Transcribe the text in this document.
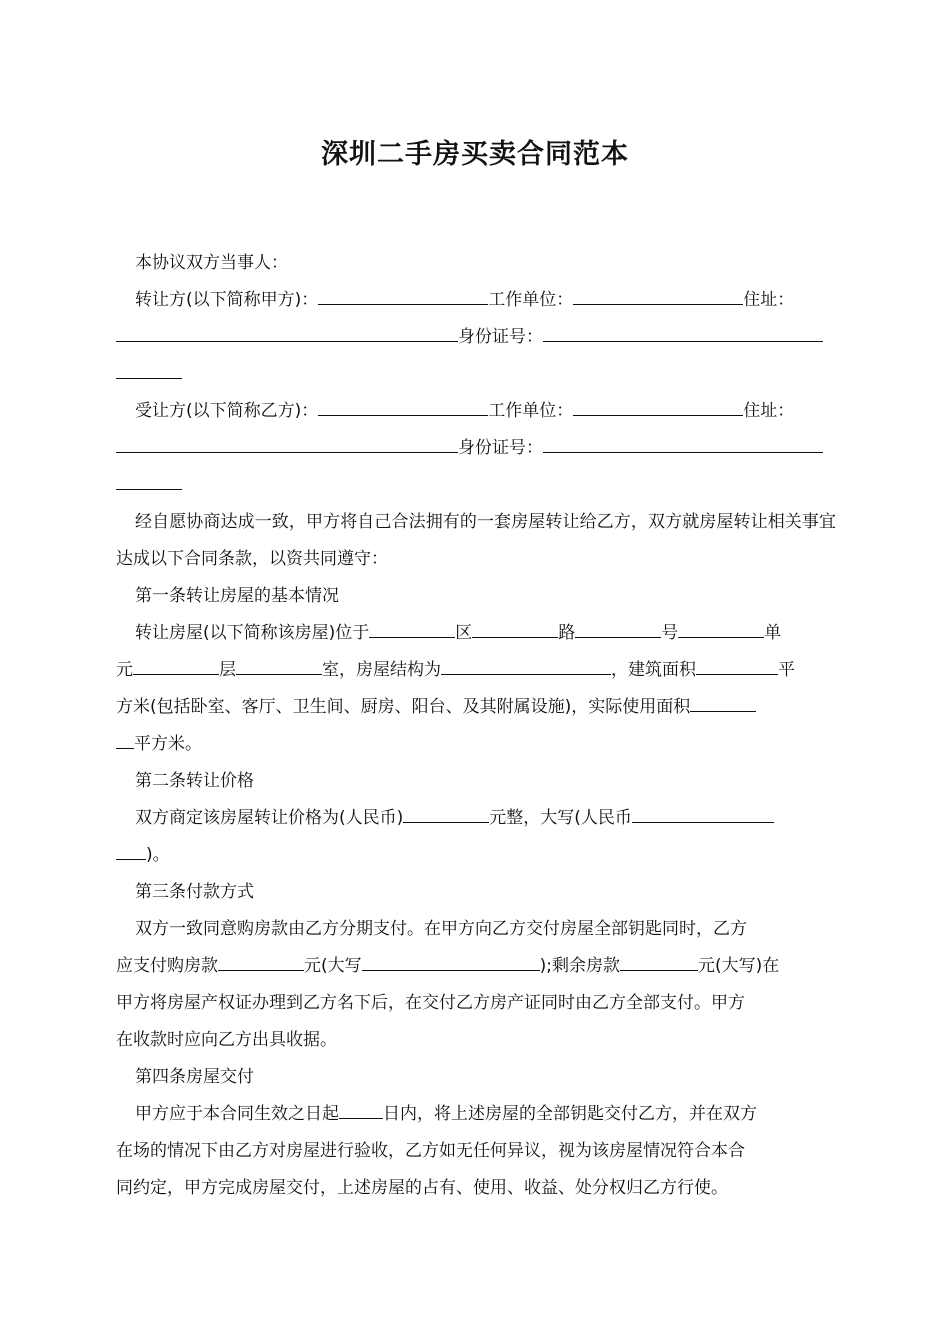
深圳二手房买卖合同范本
本协议双方当事人：
转让方(以下简称甲方)：	工作单位：	住址：
身份证号：
受让方(以下简称乙方)：	工作单位：	住址：
身份证号：
经自愿协商达成一致，甲方将自己合法拥有的一套房屋转让给乙方，双方就房屋转让相关事宜达成以下合同条款，以资共同遵守：
第一条转让房屋的基本情况
转让房屋(以下简称该房屋)位于	区	路	号	单
元	层	室，房屋结构为	，建筑面积	平
方米(包括卧室、客厅、卫生间、厨房、阳台、及其附属设施)，实际使用面积
平方米。
第二条转让价格
双方商定该房屋转让价格为(人民币)	元整，大写(人民币
)。
第三条付款方式
双方一致同意购房款由乙方分期支付。在甲方向乙方交付房屋全部钥匙同时，乙方
应支付购房款	元(大写	);剩余房款	元(大写)在
甲方将房屋产权证办理到乙方名下后，在交付乙方房产证同时由乙方全部支付。甲方
在收款时应向乙方出具收据。
第四条房屋交付
甲方应于本合同生效之日起	日内，将上述房屋的全部钥匙交付乙方，并在双方
在场的情况下由乙方对房屋进行验收，乙方如无任何异议，视为该房屋情况符合本合
同约定，甲方完成房屋交付，上述房屋的占有、使用、收益、处分权归乙方行使。
